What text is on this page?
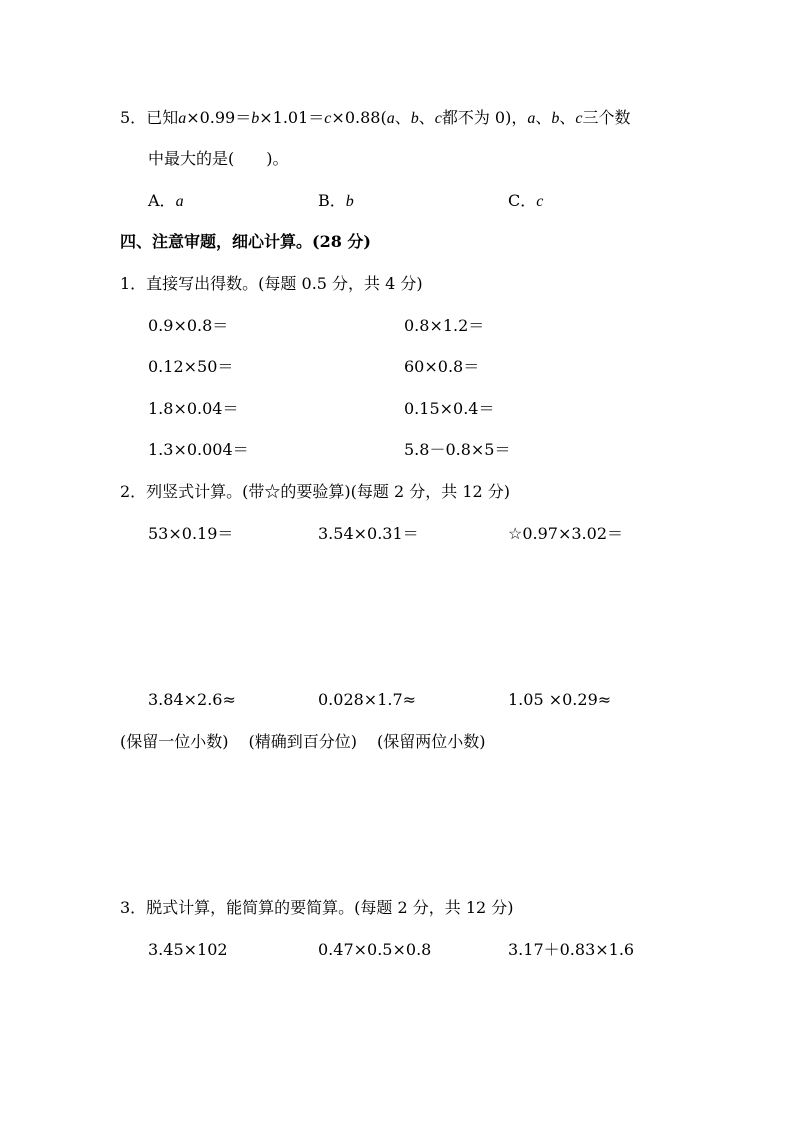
5．已知a×0.99＝b×1.01＝c×0.88(a、b、c都不为 0)，a、b、c三个数
中最大的是(　　)。
A．a	B．b	C．c
四、注意审题，细心计算。(28 分)
1．直接写出得数。(每题 0.5 分，共 4 分)
0.9×0.8＝	0.8×1.2＝
0.12×50＝	60×0.8＝
1.8×0.04＝	0.15×0.4＝
1.3×0.004＝	5.8－0.8×5＝
2．列竖式计算。(带☆的要验算)(每题 2 分，共 12 分)
53×0.19＝	3.54×0.31＝	☆0.97×3.02＝
3.84×2.6≈	0.028×1.7≈	1.05 ×0.29≈
(保留一位小数) (精确到百分位) (保留两位小数)
3．脱式计算，能简算的要简算。(每题 2 分，共 12 分)
3.45×102	0.47×0.5×0.8	3.17＋0.83×1.6
